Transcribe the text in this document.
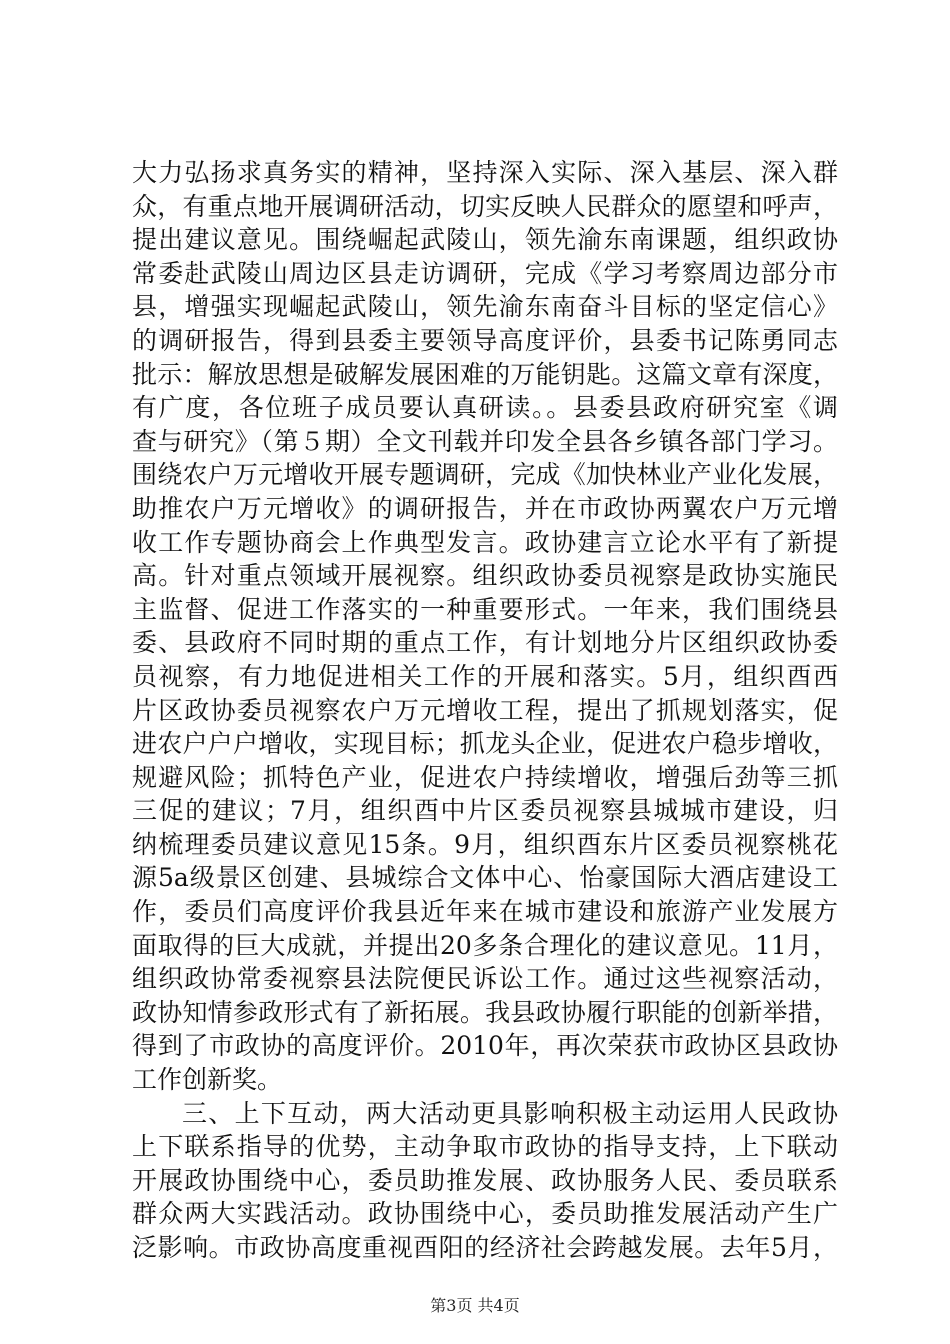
大力弘扬求真务实的精神，坚持深入实际、深入基层、深入群
众，有重点地开展调研活动，切实反映人民群众的愿望和呼声，
提出建议意见。围绕崛起武陵山，领先渝东南课题，组织政协
常委赴武陵山周边区县走访调研，完成《学习考察周边部分市
县，增强实现崛起武陵山，领先渝东南奋斗目标的坚定信心》
的调研报告，得到县委主要领导高度评价，县委书记陈勇同志
批示：解放思想是破解发展困难的万能钥匙。这篇文章有深度，
有广度，各位班子成员要认真研读。。县委县政府研究室《调
查与研究》（第５期）全文刊载并印发全县各乡镇各部门学习。
围绕农户万元增收开展专题调研，完成《加快林业产业化发展，
助推农户万元增收》的调研报告，并在市政协两翼农户万元增
收工作专题协商会上作典型发言。政协建言立论水平有了新提
高。针对重点领域开展视察。组织政协委员视察是政协实施民
主监督、促进工作落实的一种重要形式。一年来，我们围绕县
委、县政府不同时期的重点工作，有计划地分片区组织政协委
员视察，有力地促进相关工作的开展和落实。5月，组织酉西
片区政协委员视察农户万元增收工程，提出了抓规划落实，促
进农户户户增收，实现目标；抓龙头企业，促进农户稳步增收，
规避风险；抓特色产业，促进农户持续增收，增强后劲等三抓
三促的建议；7月，组织酉中片区委员视察县城城市建设，归
纳梳理委员建议意见15条。9月，组织酉东片区委员视察桃花
源5a级景区创建、县城综合文体中心、怡豪国际大酒店建设工
作，委员们高度评价我县近年来在城市建设和旅游产业发展方
面取得的巨大成就，并提出20多条合理化的建议意见。11月，
组织政协常委视察县法院便民诉讼工作。通过这些视察活动，
政协知情参政形式有了新拓展。我县政协履行职能的创新举措，
得到了市政协的高度评价。2010年，再次荣获市政协区县政协
工作创新奖。
三、上下互动，两大活动更具影响积极主动运用人民政协
上下联系指导的优势，主动争取市政协的指导支持，上下联动
开展政协围绕中心，委员助推发展、政协服务人民、委员联系
群众两大实践活动。政协围绕中心，委员助推发展活动产生广
泛影响。市政协高度重视酉阳的经济社会跨越发展。去年5月，
第3页 共4页
